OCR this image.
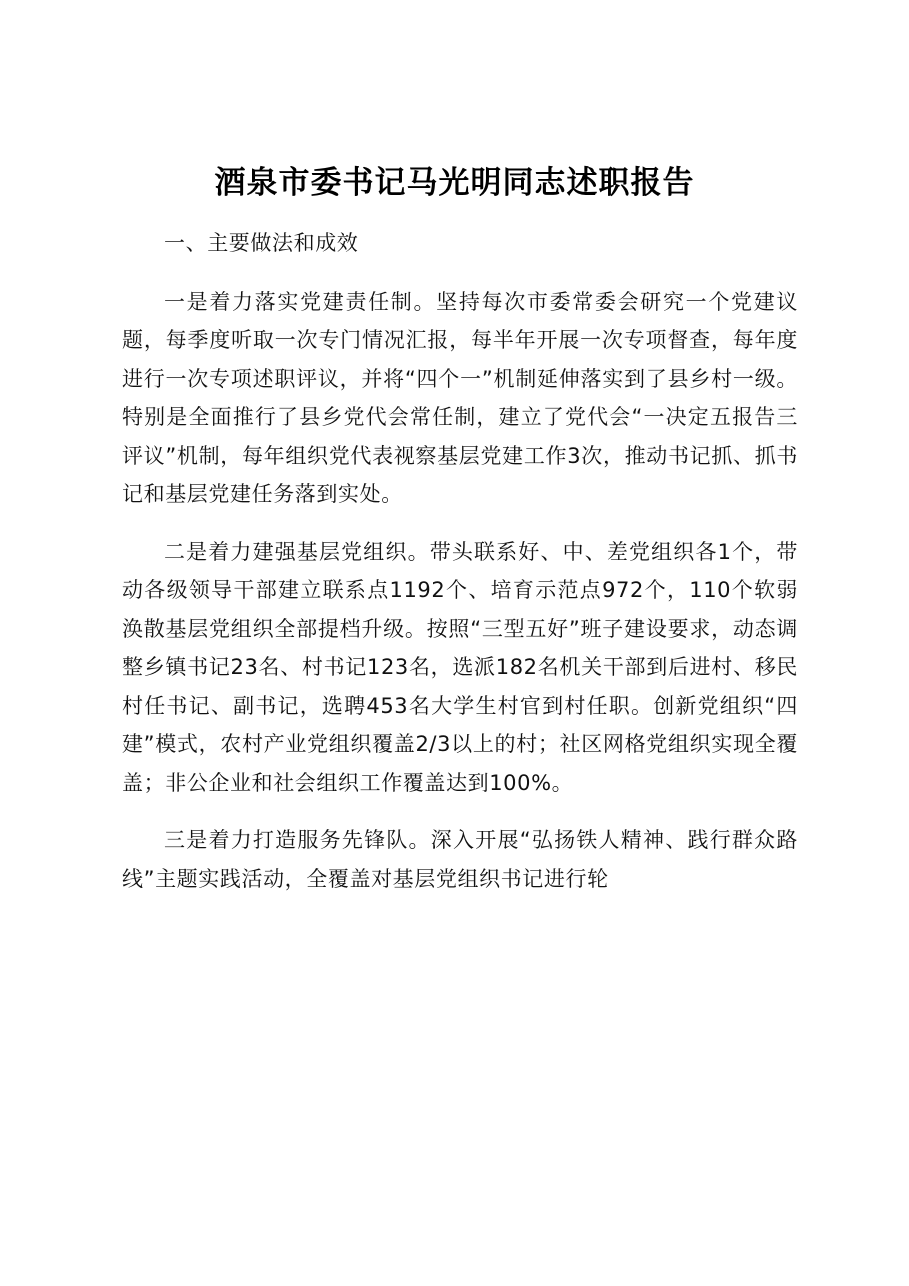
酒泉市委书记马光明同志述职报告

一、主要做法和成效

一是着力落实党建责任制。坚持每次市委常委会研究一个党建议题，每季度听取一次专门情况汇报，每半年开展一次专项督查，每年度进行一次专项述职评议，并将“四个一”机制延伸落实到了县乡村一级。特别是全面推行了县乡党代会常任制，建立了党代会“一决定五报告三评议”机制，每年组织党代表视察基层党建工作3次，推动书记抓、抓书记和基层党建任务落到实处。

二是着力建强基层党组织。带头联系好、中、差党组织各1个，带动各级领导干部建立联系点1192个、培育示范点972个，110个软弱涣散基层党组织全部提档升级。按照“三型五好”班子建设要求，动态调整乡镇书记23名、村书记123名，选派182名机关干部到后进村、移民村任书记、副书记，选聘453名大学生村官到村任职。创新党组织“四建”模式，农村产业党组织覆盖2/3以上的村；社区网格党组织实现全覆盖；非公企业和社会组织工作覆盖达到100%。

三是着力打造服务先锋队。深入开展“弘扬铁人精神、践行群众路线”主题实践活动，全覆盖对基层党组织书记进行轮
